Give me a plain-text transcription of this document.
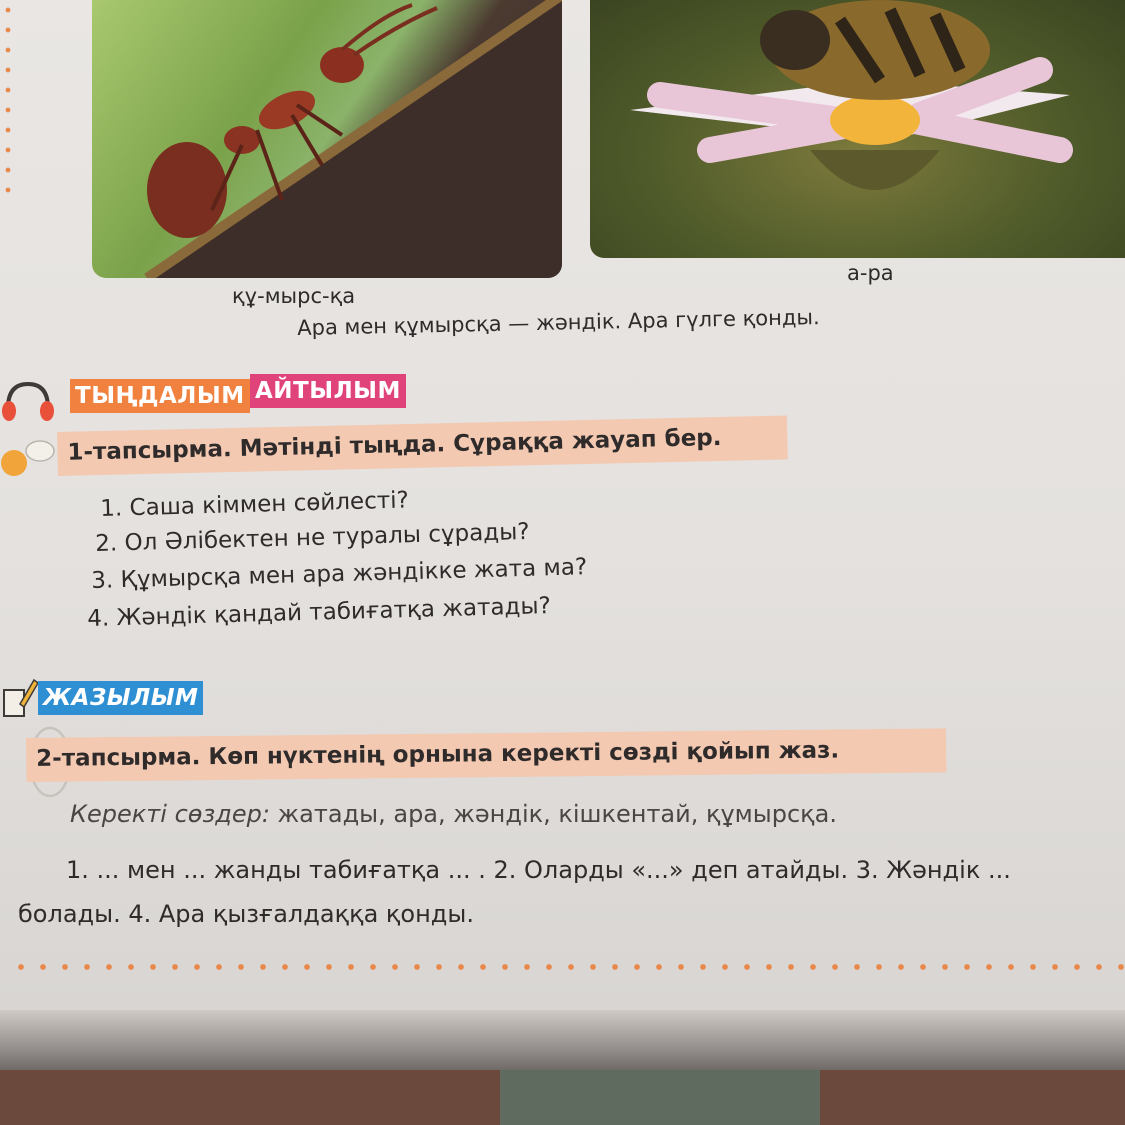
құ-мырс-қа
а-ра
Ара мен құмырсқа — жәндік. Ара гүлге қонды.
ТЫҢДАЛЫМ АЙТЫЛЫМ
1-тапсырма. Мәтінді тыңда. Сұраққа жауап бер.
1. Саша кіммен сөйлесті?
2. Ол Әлібектен не туралы сұрады?
3. Құмырсқа мен ара жәндікке жата ма?
4. Жәндік қандай табиғатқа жатады?
ЖАЗЫЛЫМ
2-тапсырма. Көп нүктенің орнына керекті сөзді қойып жаз.
Керекті сөздер: жатады, ара, жәндік, кішкентай, құмырсқа.
1. ... мен ... жанды табиғатқа ... . 2. Оларды «...» деп атайды. 3. Жәндік ...
болады. 4. Ара қызғалдаққа қонды.
